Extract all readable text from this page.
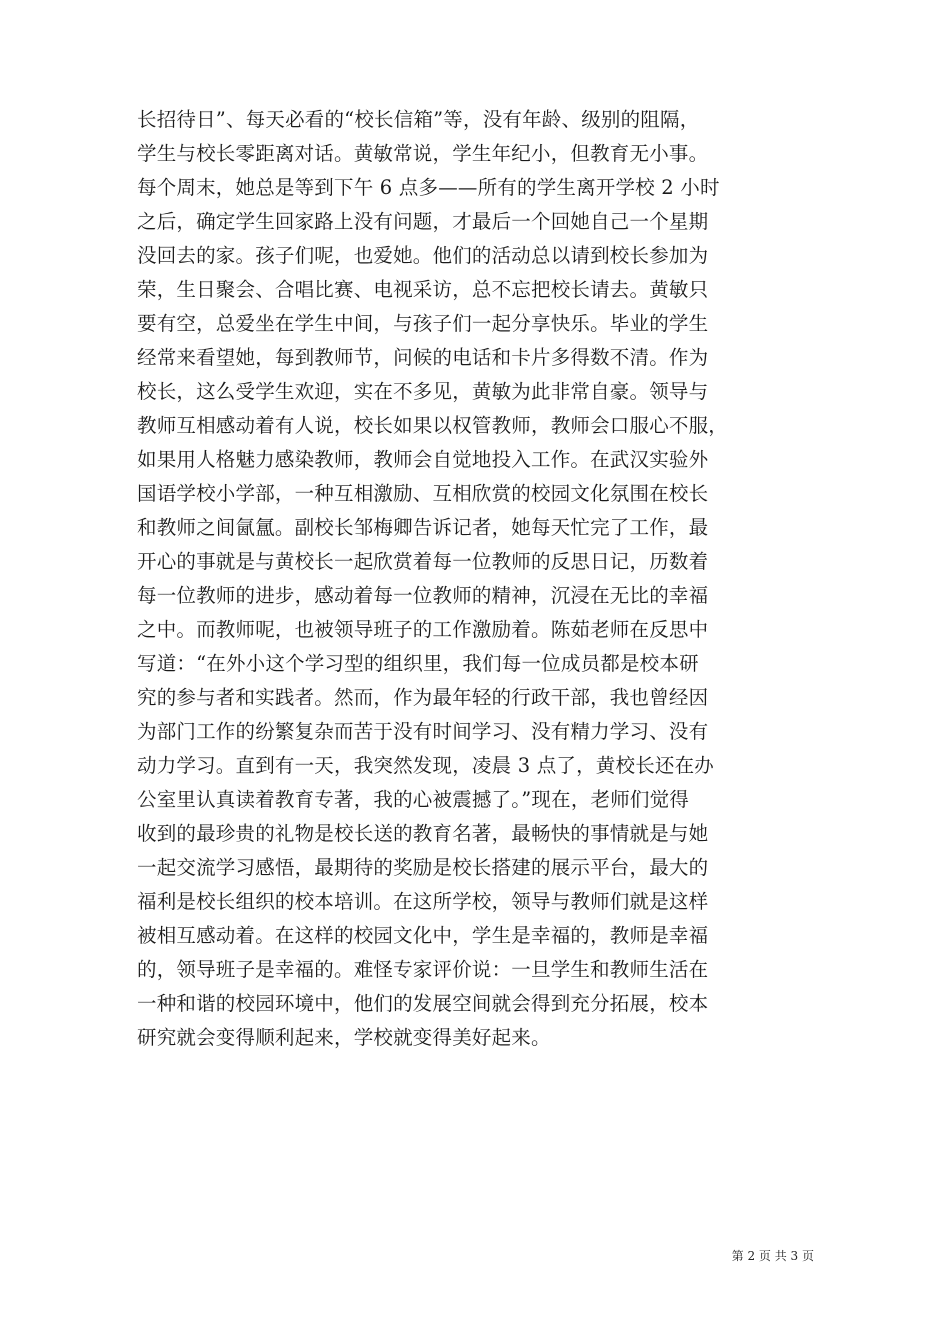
长招待日”、每天必看的“校长信箱”等，没有年龄、级别的阻隔，
学生与校长零距离对话。黄敏常说，学生年纪小，但教育无小事。
每个周末，她总是等到下午 6 点多——所有的学生离开学校 2 小时
之后，确定学生回家路上没有问题，才最后一个回她自己一个星期
没回去的家。孩子们呢，也爱她。他们的活动总以请到校长参加为
荣，生日聚会、合唱比赛、电视采访，总不忘把校长请去。黄敏只
要有空，总爱坐在学生中间，与孩子们一起分享快乐。毕业的学生
经常来看望她，每到教师节，问候的电话和卡片多得数不清。作为
校长，这么受学生欢迎，实在不多见，黄敏为此非常自豪。领导与
教师互相感动着有人说，校长如果以权管教师，教师会口服心不服，
如果用人格魅力感染教师，教师会自觉地投入工作。在武汉实验外
国语学校小学部，一种互相激励、互相欣赏的校园文化氛围在校长
和教师之间氤氲。副校长邹梅卿告诉记者，她每天忙完了工作，最
开心的事就是与黄校长一起欣赏着每一位教师的反思日记，历数着
每一位教师的进步，感动着每一位教师的精神，沉浸在无比的幸福
之中。而教师呢，也被领导班子的工作激励着。陈茹老师在反思中
写道：“在外小这个学习型的组织里，我们每一位成员都是校本研
究的参与者和实践者。然而，作为最年轻的行政干部，我也曾经因
为部门工作的纷繁复杂而苦于没有时间学习、没有精力学习、没有
动力学习。直到有一天，我突然发现，凌晨 3 点了，黄校长还在办
公室里认真读着教育专著，我的心被震撼了。”现在，老师们觉得
收到的最珍贵的礼物是校长送的教育名著，最畅快的事情就是与她
一起交流学习感悟，最期待的奖励是校长搭建的展示平台，最大的
福利是校长组织的校本培训。在这所学校，领导与教师们就是这样
被相互感动着。在这样的校园文化中，学生是幸福的，教师是幸福
的，领导班子是幸福的。难怪专家评价说：一旦学生和教师生活在
一种和谐的校园环境中，他们的发展空间就会得到充分拓展，校本
研究就会变得顺利起来，学校就变得美好起来。
第 2 页 共 3 页
